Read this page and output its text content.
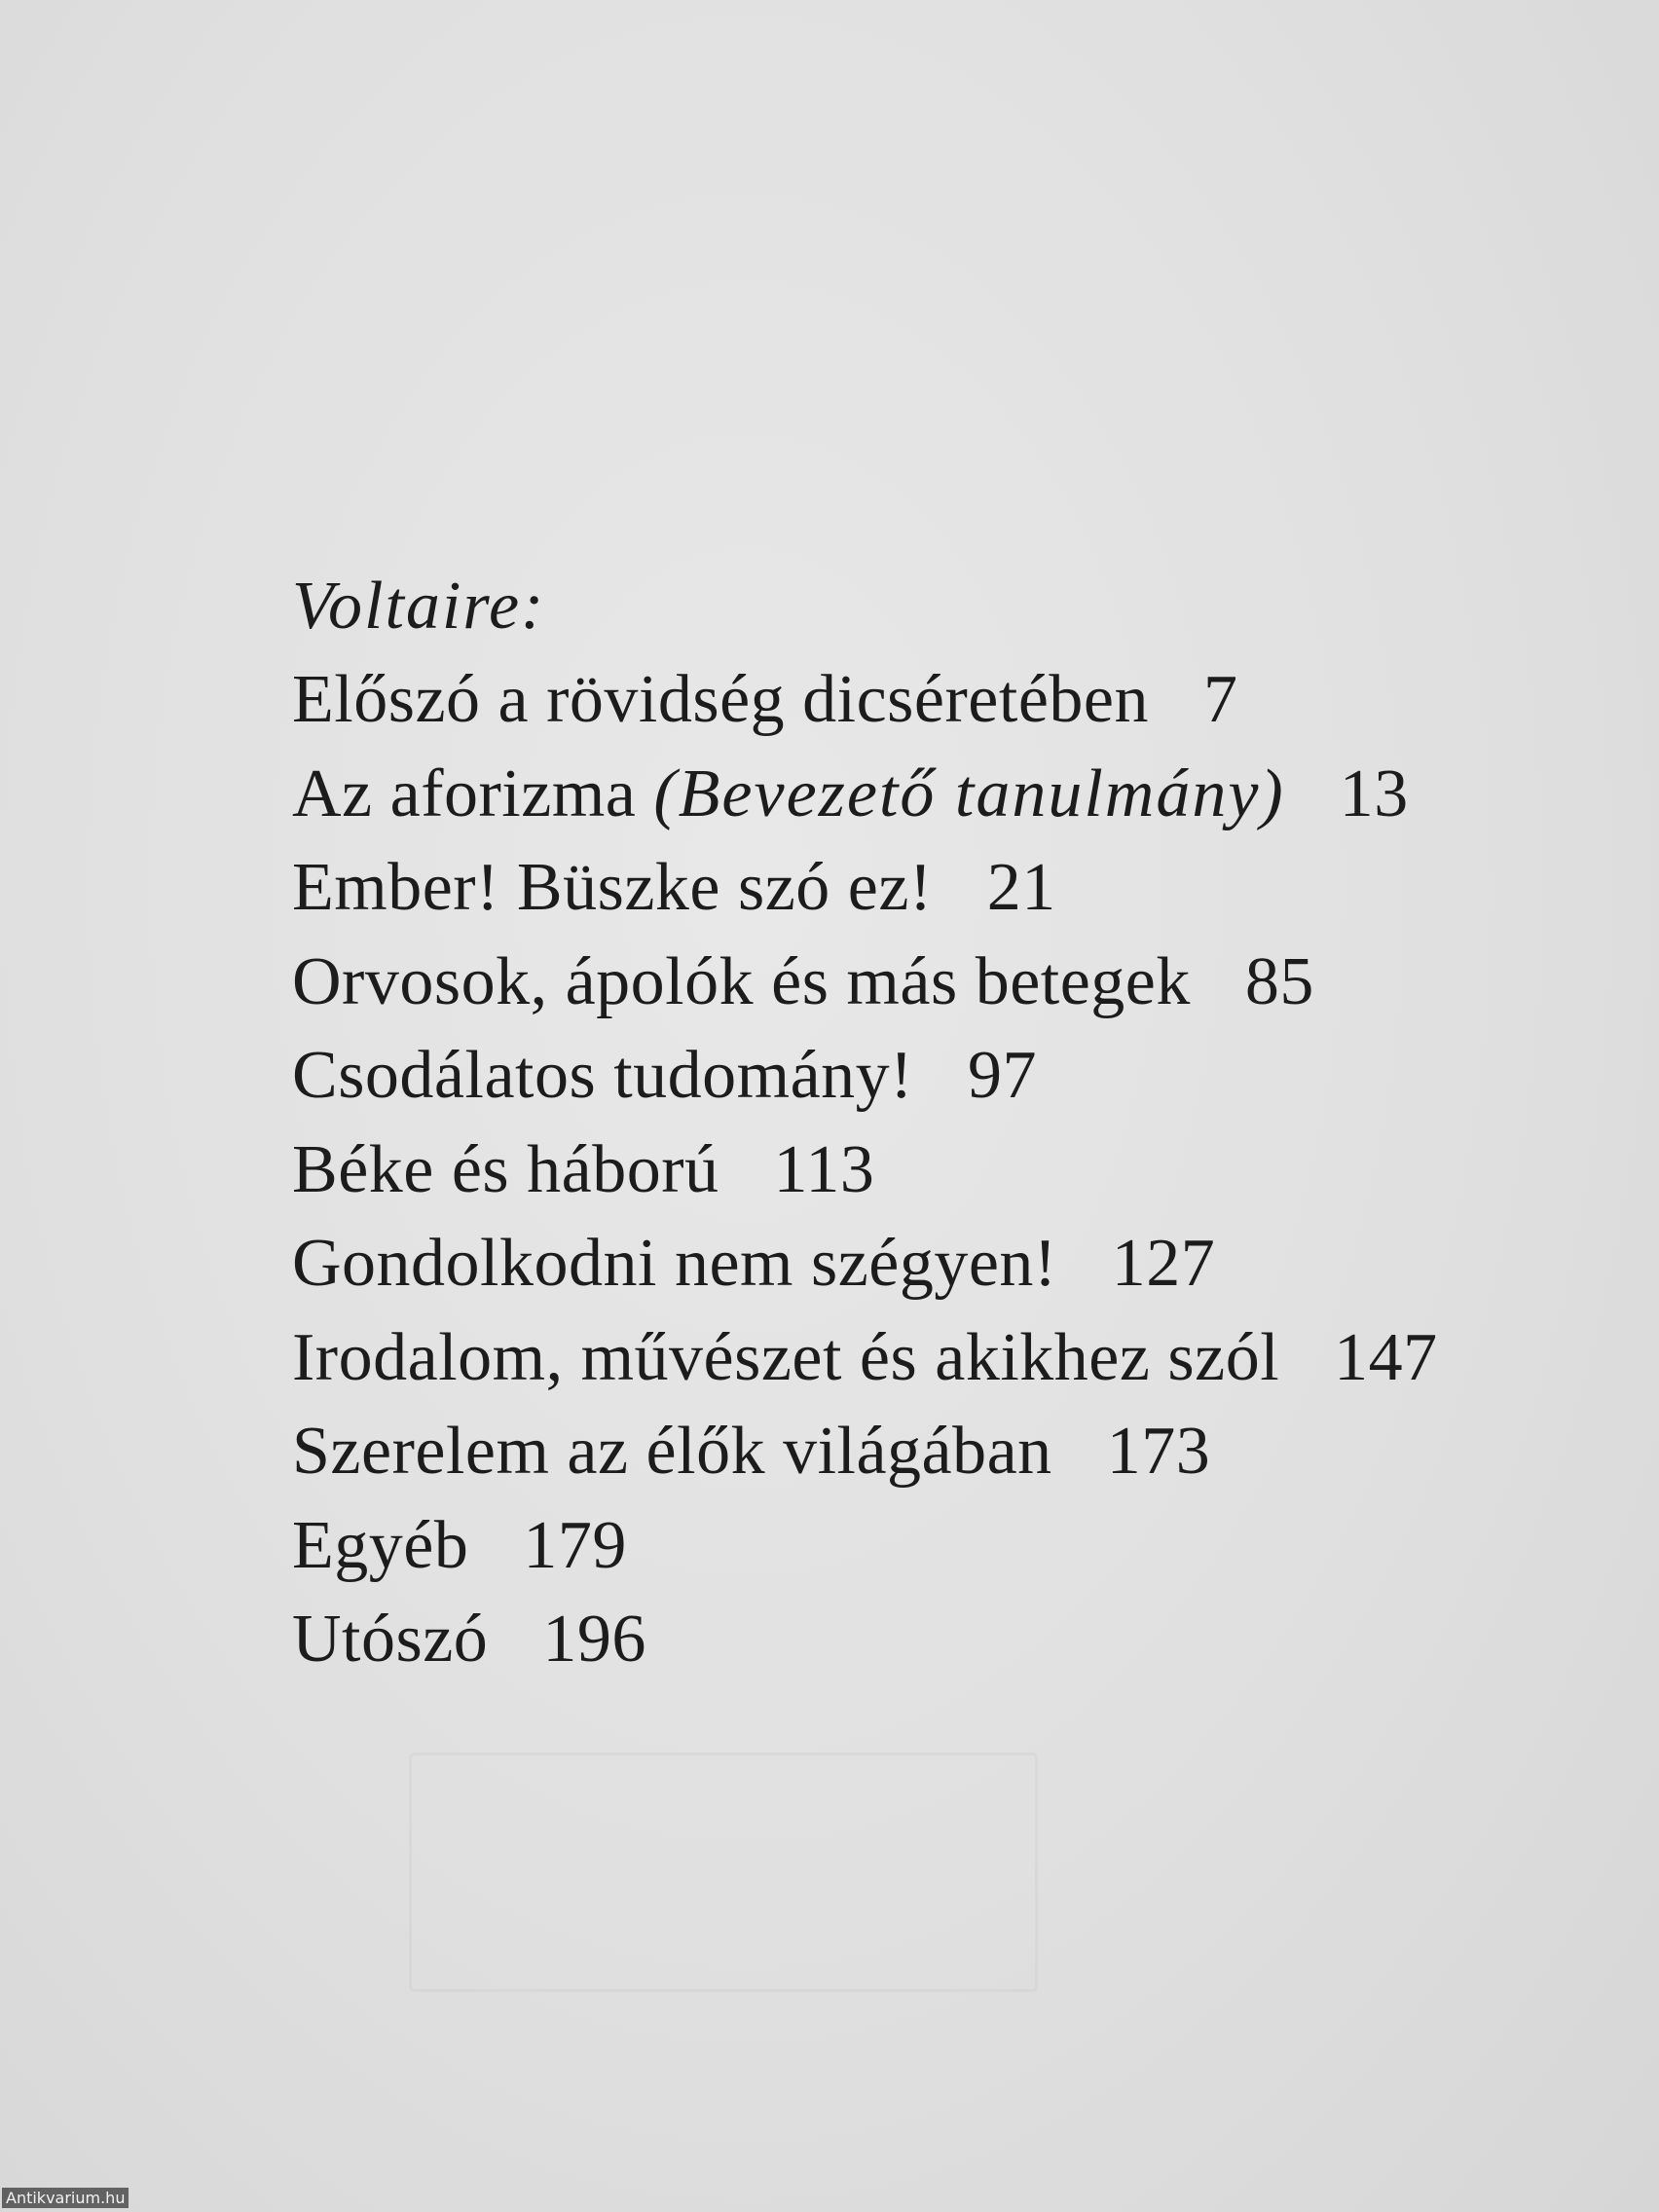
Voltaire:
Előszó a rövidség dicséretében 7
Az aforizma (Bevezető tanulmány) 13
Ember! Büszke szó ez! 21
Orvosok, ápolók és más betegek 85
Csodálatos tudomány! 97
Béke és háború 113
Gondolkodni nem szégyen! 127
Irodalom, művészet és akikhez szól 147
Szerelem az élők világában 173
Egyéb 179
Utószó 196
Antikvarium.hu
